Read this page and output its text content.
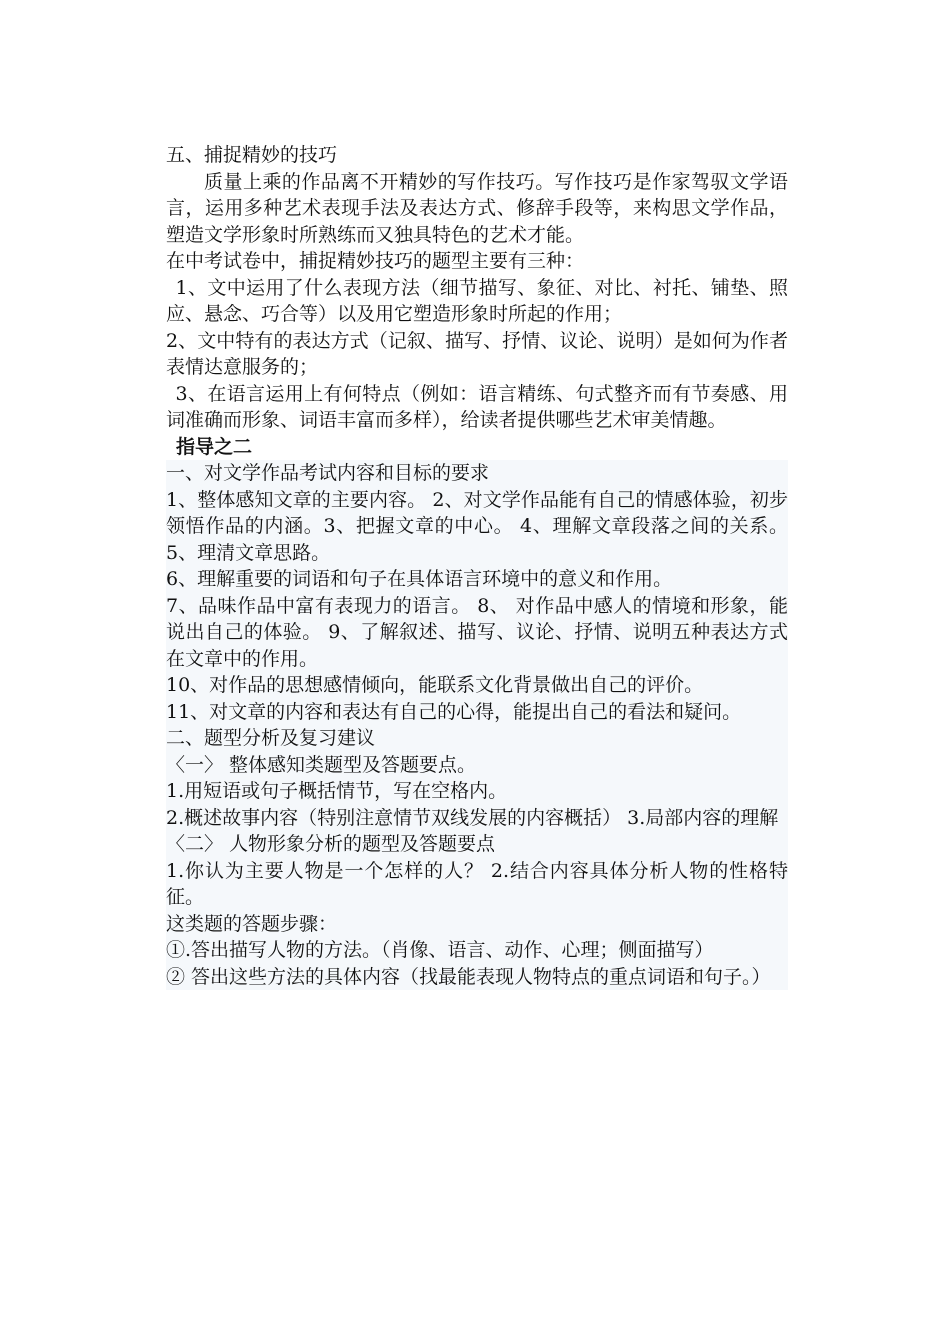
五、捕捉精妙的技巧

质量上乘的作品离不开精妙的写作技巧。写作技巧是作家驾驭文学语言，运用多种艺术表现手法及表达方式、修辞手段等，来构思文学作品，塑造文学形象时所熟练而又独具特色的艺术才能。

在中考试卷中，捕捉精妙技巧的题型主要有三种：

1、文中运用了什么表现方法（细节描写、象征、对比、衬托、铺垫、照应、悬念、巧合等）以及用它塑造形象时所起的作用；

2、文中特有的表达方式（记叙、描写、抒情、议论、说明）是如何为作者表情达意服务的；

3、在语言运用上有何特点（例如：语言精练、句式整齐而有节奏感、用词准确而形象、词语丰富而多样），给读者提供哪些艺术审美情趣。

指导之二

一、对文学作品考试内容和目标的要求

1、整体感知文章的主要内容。 2、对文学作品能有自己的情感体验，初步领悟作品的内涵。3、把握文章的中心。 4、理解文章段落之间的关系。 5、理清文章思路。

6、理解重要的词语和句子在具体语言环境中的意义和作用。

7、品味作品中富有表现力的语言。 8、 对作品中感人的情境和形象，能说出自己的体验。 9、了解叙述、描写、议论、抒情、说明五种表达方式在文章中的作用。

10、对作品的思想感情倾向，能联系文化背景做出自己的评价。

11、对文章的内容和表达有自己的心得，能提出自己的看法和疑问。

二、题型分析及复习建议

〈一〉 整体感知类题型及答题要点。

1.用短语或句子概括情节，写在空格内。

2.概述故事内容（特别注意情节双线发展的内容概括） 3.局部内容的理解

〈二〉 人物形象分析的题型及答题要点

1.你认为主要人物是一个怎样的人？ 2.结合内容具体分析人物的性格特征。

这类题的答题步骤：

①.答出描写人物的方法。（肖像、语言、动作、心理；侧面描写）

② 答出这些方法的具体内容（找最能表现人物特点的重点词语和句子。）
